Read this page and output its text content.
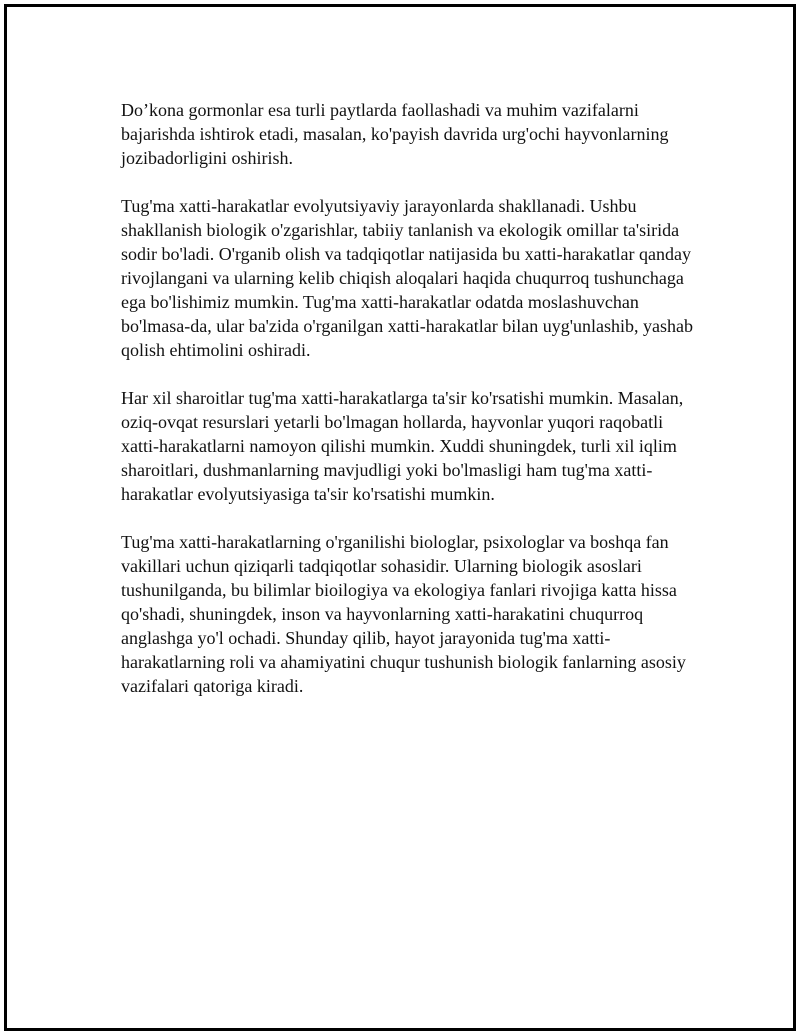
Do’kona gormonlar esa turli paytlarda faollashadi va muhim vazifalarni bajarishda ishtirok etadi, masalan, ko'payish davrida urg'ochi hayvonlarning jozibadorligini oshirish.

Tug'ma xatti-harakatlar evolyutsiyaviy jarayonlarda shakllanadi. Ushbu shakllanish biologik o'zgarishlar, tabiiy tanlanish va ekologik omillar ta'sirida sodir bo'ladi. O'rganib olish va tadqiqotlar natijasida bu xatti-harakatlar qanday rivojlangani va ularning kelib chiqish aloqalari haqida chuqurroq tushunchaga ega bo'lishimiz mumkin. Tug'ma xatti-harakatlar odatda moslashuvchan bo'lmasa-da, ular ba'zida o'rganilgan xatti-harakatlar bilan uyg'unlashib, yashab qolish ehtimolini oshiradi.

Har xil sharoitlar tug'ma xatti-harakatlarga ta'sir ko'rsatishi mumkin. Masalan, oziq-ovqat resurslari yetarli bo'lmagan hollarda, hayvonlar yuqori raqobatli xatti-harakatlarni namoyon qilishi mumkin. Xuddi shuningdek, turli xil iqlim sharoitlari, dushmanlarning mavjudligi yoki bo'lmasligi ham tug'ma xatti-harakatlar evolyutsiyasiga ta'sir ko'rsatishi mumkin.

Tug'ma xatti-harakatlarning o'rganilishi biologlar, psixologlar va boshqa fan vakillari uchun qiziqarli tadqiqotlar sohasidir. Ularning biologik asoslari tushunilganda, bu bilimlar bioilogiya va ekologiya fanlari rivojiga katta hissa qo'shadi, shuningdek, inson va hayvonlarning xatti-harakatini chuqurroq anglashga yo'l ochadi. Shunday qilib, hayot jarayonida tug'ma xatti-harakatlarning roli va ahamiyatini chuqur tushunish biologik fanlarning asosiy vazifalari qatoriga kiradi.
